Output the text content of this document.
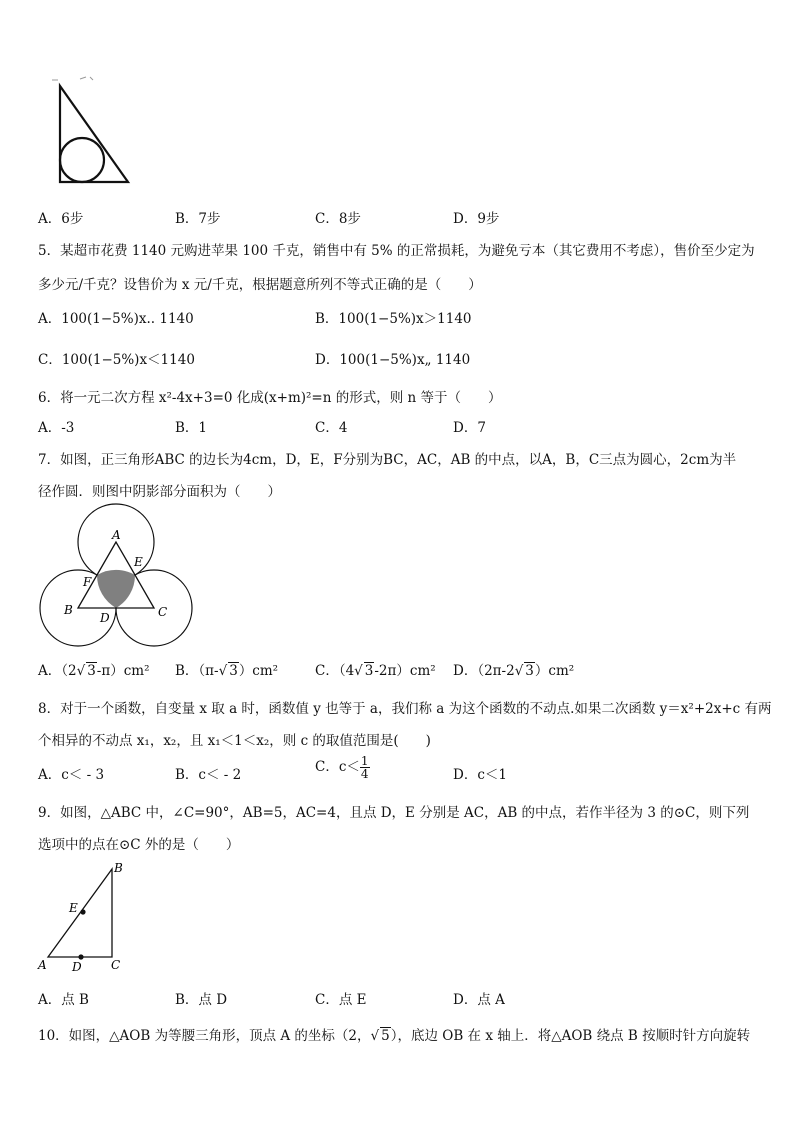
A．6步	B．7步	C．8步	D．9步
5．某超市花费 1140 元购进苹果 100 千克，销售中有 5% 的正常损耗，为避免亏本（其它费用不考虑），售价至少定为
多少元/千克？设售价为 x 元/千克，根据题意所列不等式正确的是（　　）
A．100(1−5%)x.. 1140	B．100(1−5%)x＞1140
C．100(1−5%)x＜1140	D．100(1−5%)x„ 1140
6．将一元二次方程 x²-4x+3=0 化成(x+m)²=n 的形式，则 n 等于（　　）
A．-3	B．1	C．4	D．7
7．如图，正三角形ABC 的边长为4cm，D，E，F分别为BC，AC，AB 的中点，以A，B，C三点为圆心，2cm为半
径作圆．则图中阴影部分面积为（　　）
A
E
F
B
D	C
A．（2√ 3-π）cm² B．（π-√ 3）cm²	C．（4√ 3-2π）cm² D．（2π-2√ 3）cm²
8．对于一个函数，自变量 x 取 a 时，函数值 y 也等于 a，我们称 a 为这个函数的不动点.如果二次函数 y＝x²+2x+c 有两
个相异的不动点 x₁，x₂，且 x₁＜1＜x₂，则 c 的取值范围是(　　)
A．c＜ - 3	B．c＜ - 2	C．$c< \frac{1}{4}$	D．c＜1
9．如图，△ABC 中，∠C=90°，AB=5，AC=4，且点 D，E 分别是 AC，AB 的中点，若作半径为 3 的⊙C，则下列
选项中的点在⊙C 外的是（　　）
B
E
A D C
A．点 B	B．点 D	C．点 E	D．点 A
10．如图，△AOB 为等腰三角形，顶点 A 的坐标（2，√ 5），底边 OB 在 x 轴上．将△AOB 绕点 B 按顺时针方向旋转
